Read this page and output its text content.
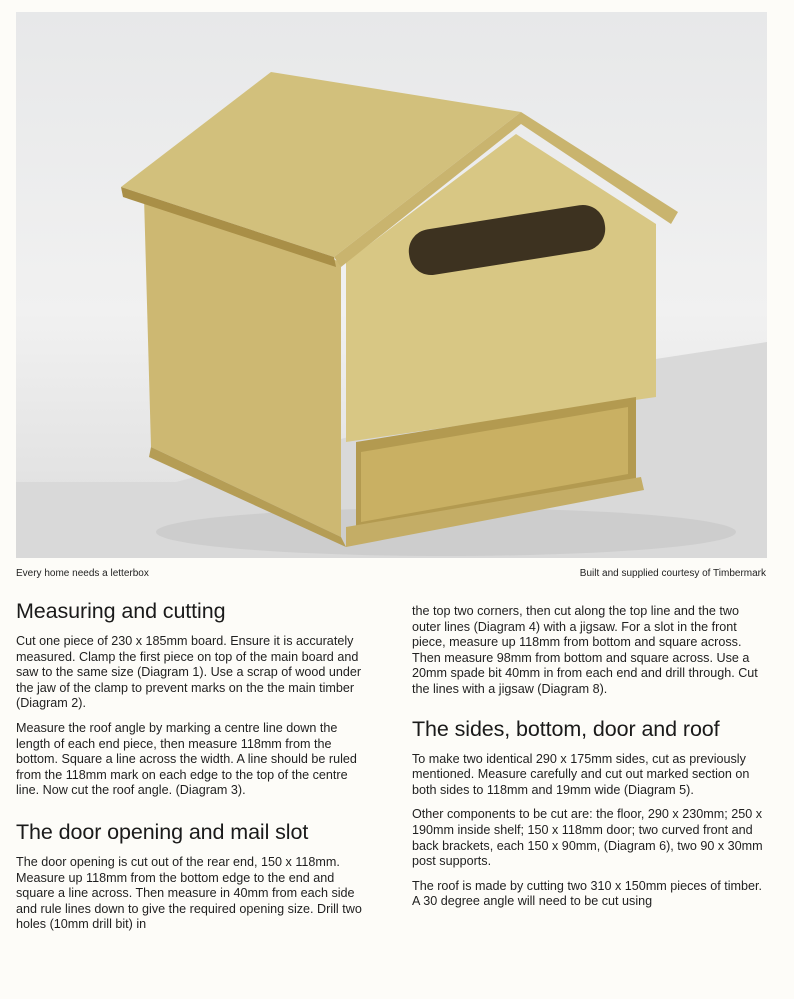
Every home needs a letterbox	Built and supplied courtesy of Timbermark
Measuring and cutting

Cut one piece of 230 x 185mm board. Ensure it is accurately measured. Clamp the first piece on top of the main board and saw to the same size (Diagram 1). Use a scrap of wood under the jaw of the clamp to prevent marks on the the main timber (Diagram 2).

Measure the roof angle by marking a centre line down the length of each end piece, then measure 118mm from the bottom. Square a line across the width. A line should be ruled from the 118mm mark on each edge to the top of the centre line. Now cut the roof angle. (Diagram 3).

The door opening and mail slot

The door opening is cut out of the rear end, 150 x 118mm. Measure up 118mm from the bottom edge to the end and square a line across. Then measure in 40mm from each side and rule lines down to give the required opening size. Drill two holes (10mm drill bit) in

the top two corners, then cut along the top line and the two outer lines (Diagram 4) with a jigsaw. For a slot in the front piece, measure up 118mm from bottom and square across. Then measure 98mm from bottom and square across. Use a 20mm spade bit 40mm in from each end and drill through. Cut the lines with a jigsaw (Diagram 8).

The sides, bottom, door and roof

To make two identical 290 x 175mm sides, cut as previously mentioned. Measure carefully and cut out marked section on both sides to 118mm and 19mm wide (Diagram 5).

Other components to be cut are: the floor, 290 x 230mm; 250 x 190mm inside shelf; 150 x 118mm door; two curved front and back brackets, each 150 x 90mm, (Diagram 6), two 90 x 30mm post supports.

The roof is made by cutting two 310 x 150mm pieces of timber. A 30 degree angle will need to be cut using
